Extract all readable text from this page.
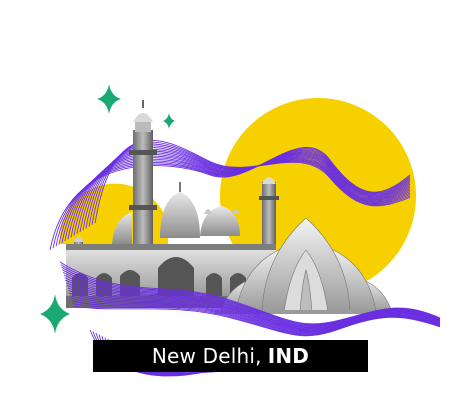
New Delhi , IND
